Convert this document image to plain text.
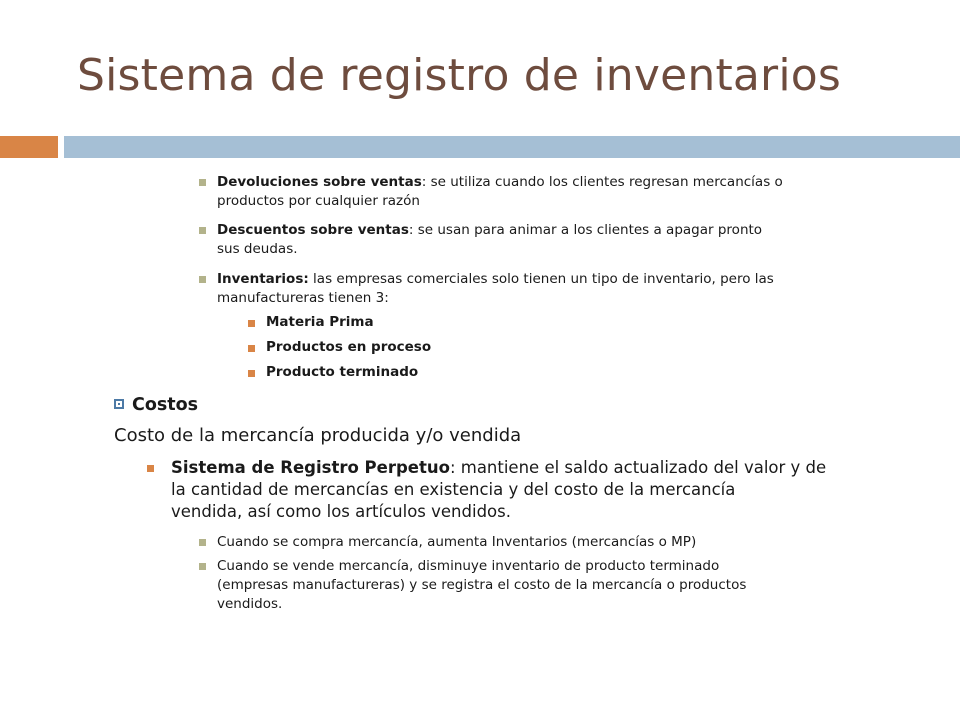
Sistema de registro de inventarios

Devoluciones sobre ventas: se utiliza cuando los clientes regresan mercancías o
productos por cualquier razón

Descuentos sobre ventas: se usan para animar a los clientes a apagar pronto
sus deudas.

Inventarios: las empresas comerciales solo tienen un tipo de inventario, pero las
manufactureras tienen 3:

Materia Prima

Productos en proceso

Producto terminado

Costos
Costo de la mercancía producida y/o vendida

Sistema de Registro Perpetuo: mantiene el saldo actualizado del valor y de
la cantidad de mercancías en existencia y del costo de la mercancía
vendida, así como los artículos vendidos.

Cuando se compra mercancía, aumenta Inventarios (mercancías o MP)

Cuando se vende mercancía, disminuye inventario de producto terminado
(empresas manufactureras) y se registra el costo de la mercancía o productos
vendidos.
